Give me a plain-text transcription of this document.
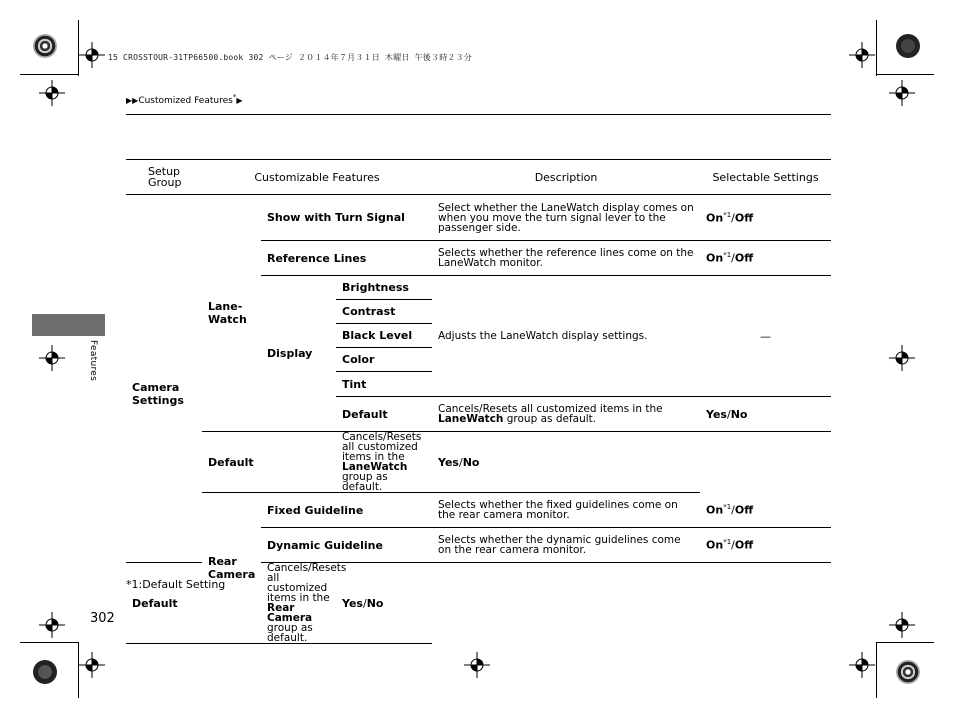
15 CROSSTOUR-31TP66500.book 302 ページ ２０１４年７月３１日 木曜日 午後３時２３分
▶▶Customized Features*▶
Features
Setup Group	Customizable Features			Description	Selectable Settings
Camera Settings	Lane-Watch	Show with Turn Signal		Select whether the LaneWatch display comes on when you move the turn signal lever to the passenger side.	On$^{*1}$/Off
		Reference Lines		Selects whether the reference lines come on the LaneWatch monitor.	On$^{*1}$/Off
		Display	Brightness	Adjusts the LaneWatch display settings.	—
			Contrast		
			Black Level		
			Color		
			Tint		
			Default	Cancels/Resets all customized items in the LaneWatch group as default.	Yes/No
	Default		Cancels/Resets all customized items in the LaneWatch group as default.	Yes/No	
	Rear Camera	Fixed Guideline		Selects whether the fixed guidelines come on the rear camera monitor.	On$^{*1}$/Off
		Dynamic Guideline		Selects whether the dynamic guidelines come on the rear camera monitor.	On$^{*1}$/Off
Default		Cancels/Resets all customized items in the Rear Camera group as default.	Yes/No		
*1:Default Setting
302
